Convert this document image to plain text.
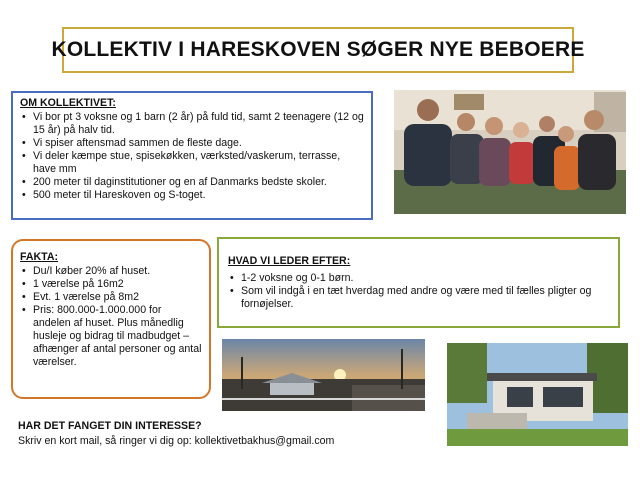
KOLLEKTIV I HARESKOVEN SØGER NYE BEBOERE
OM KOLLEKTIVET:
• Vi bor pt 3 voksne og 1 barn (2 år) på fuld tid, samt 2 teenagere (12 og 15 år) på halv tid.
• Vi spiser aftensmad sammen de fleste dage.
• Vi deler kæmpe stue, spisekøkken, værksted/vaskerum, terrasse, have mm
• 200 meter til daginstitutioner og en af Danmarks bedste skoler.
• 500 meter til Hareskoven og S-toget.
FAKTA:
• Du/I køber 20% af huset.
• 1 værelse på 16m2
• Evt. 1 værelse på 8m2
• Pris: 800.000-1.000.000 for andelen af huset. Plus månedlig husleje og bidrag til madbudget – afhænger af antal personer og antal værelser.
HVAD VI LEDER EFTER:
• 1-2 voksne og 0-1 børn.
• Som vil indgå i en tæt hverdag med andre og være med til fælles pligter og fornøjelser.
HAR DET FANGET DIN INTERESSE?

Skriv en kort mail, så ringer vi dig op: kollektivetbakhus@gmail.com
